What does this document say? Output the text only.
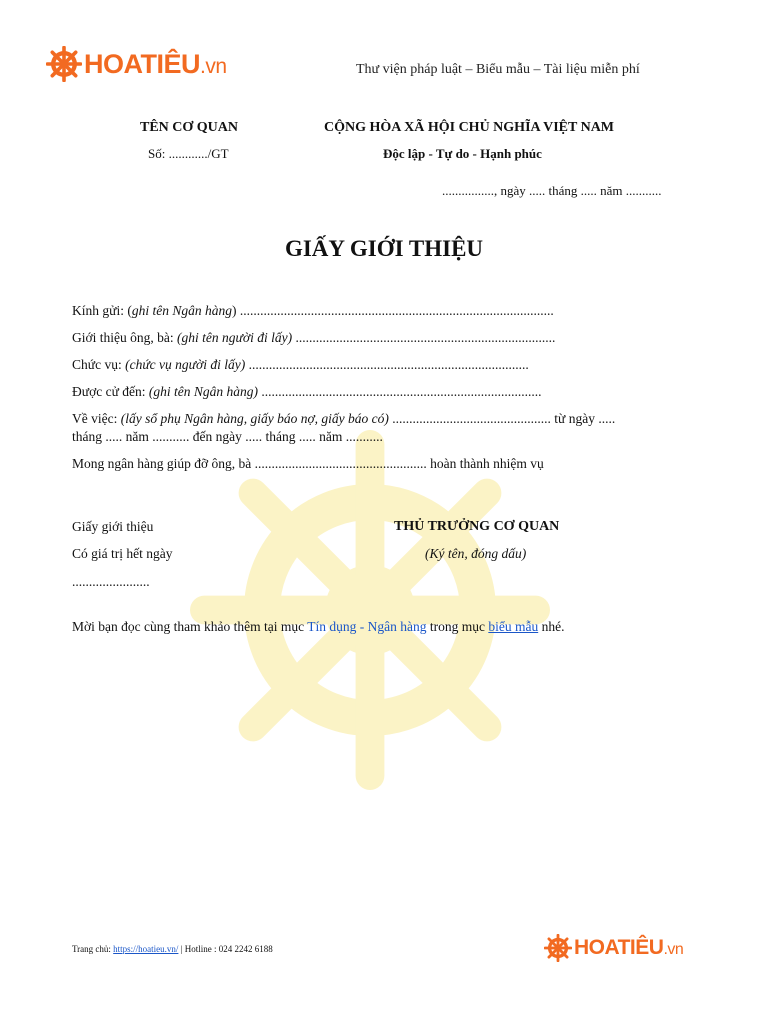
HOATIÊU.vn	Thư viện pháp luật – Biểu mẫu – Tài liệu miễn phí
TÊN CƠ QUAN
Số: ............/GT
CỘNG HÒA XÃ HỘI CHỦ NGHĨA VIỆT NAM
Độc lập - Tự do - Hạnh phúc
................, ngày ..... tháng ..... năm ...........
GIẤY GIỚI THIỆU
Kính gửi: (ghi tên Ngân hàng) .............................................................................................
Giới thiệu ông, bà: (ghi tên người đi lấy) .............................................................................
Chức vụ: (chức vụ người đi lấy) ...................................................................................
Được cử đến: (ghi tên Ngân hàng) ...................................................................................
Về việc: (lấy sổ phụ Ngân hàng, giấy báo nợ, giấy báo có) ............................................... từ ngày .....
tháng ..... năm ........... đến ngày ..... tháng ..... năm ...........
Mong ngân hàng giúp đỡ ông, bà ................................................... hoàn thành nhiệm vụ
Giấy giới thiệu
Có giá trị hết ngày
.......................
THỦ TRƯỞNG CƠ QUAN
(Ký tên, đóng dấu)
Mời bạn đọc cùng tham khảo thêm tại mục Tín dụng - Ngân hàng trong mục biểu mẫu nhé.
Trang chủ: https://hoatieu.vn/ | Hotline : 024 2242 6188	HOATIÊU.vn
